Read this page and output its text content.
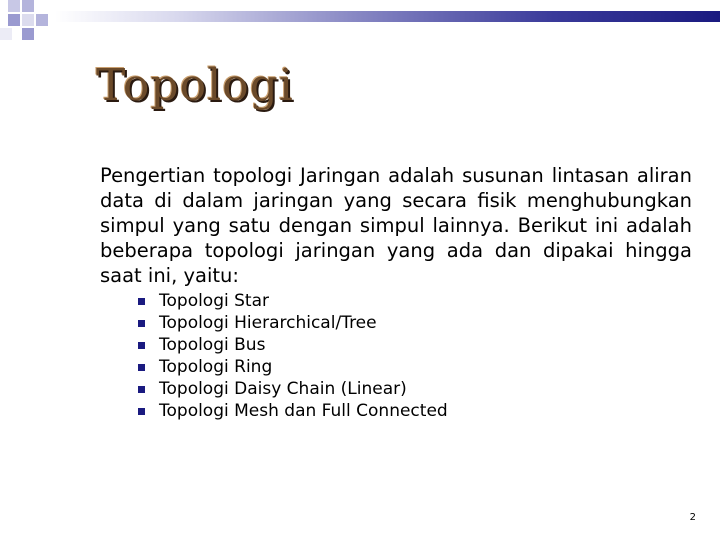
Topologi

Pengertian topologi Jaringan adalah susunan lintasan aliran data di dalam jaringan yang secara fisik menghubungkan simpul yang satu dengan simpul lainnya. Berikut ini adalah beberapa topologi jaringan yang ada dan dipakai hingga saat ini, yaitu:

Topologi Star
Topologi Hierarchical/Tree
Topologi Bus
Topologi Ring
Topologi Daisy Chain (Linear)
Topologi Mesh dan Full Connected
2
